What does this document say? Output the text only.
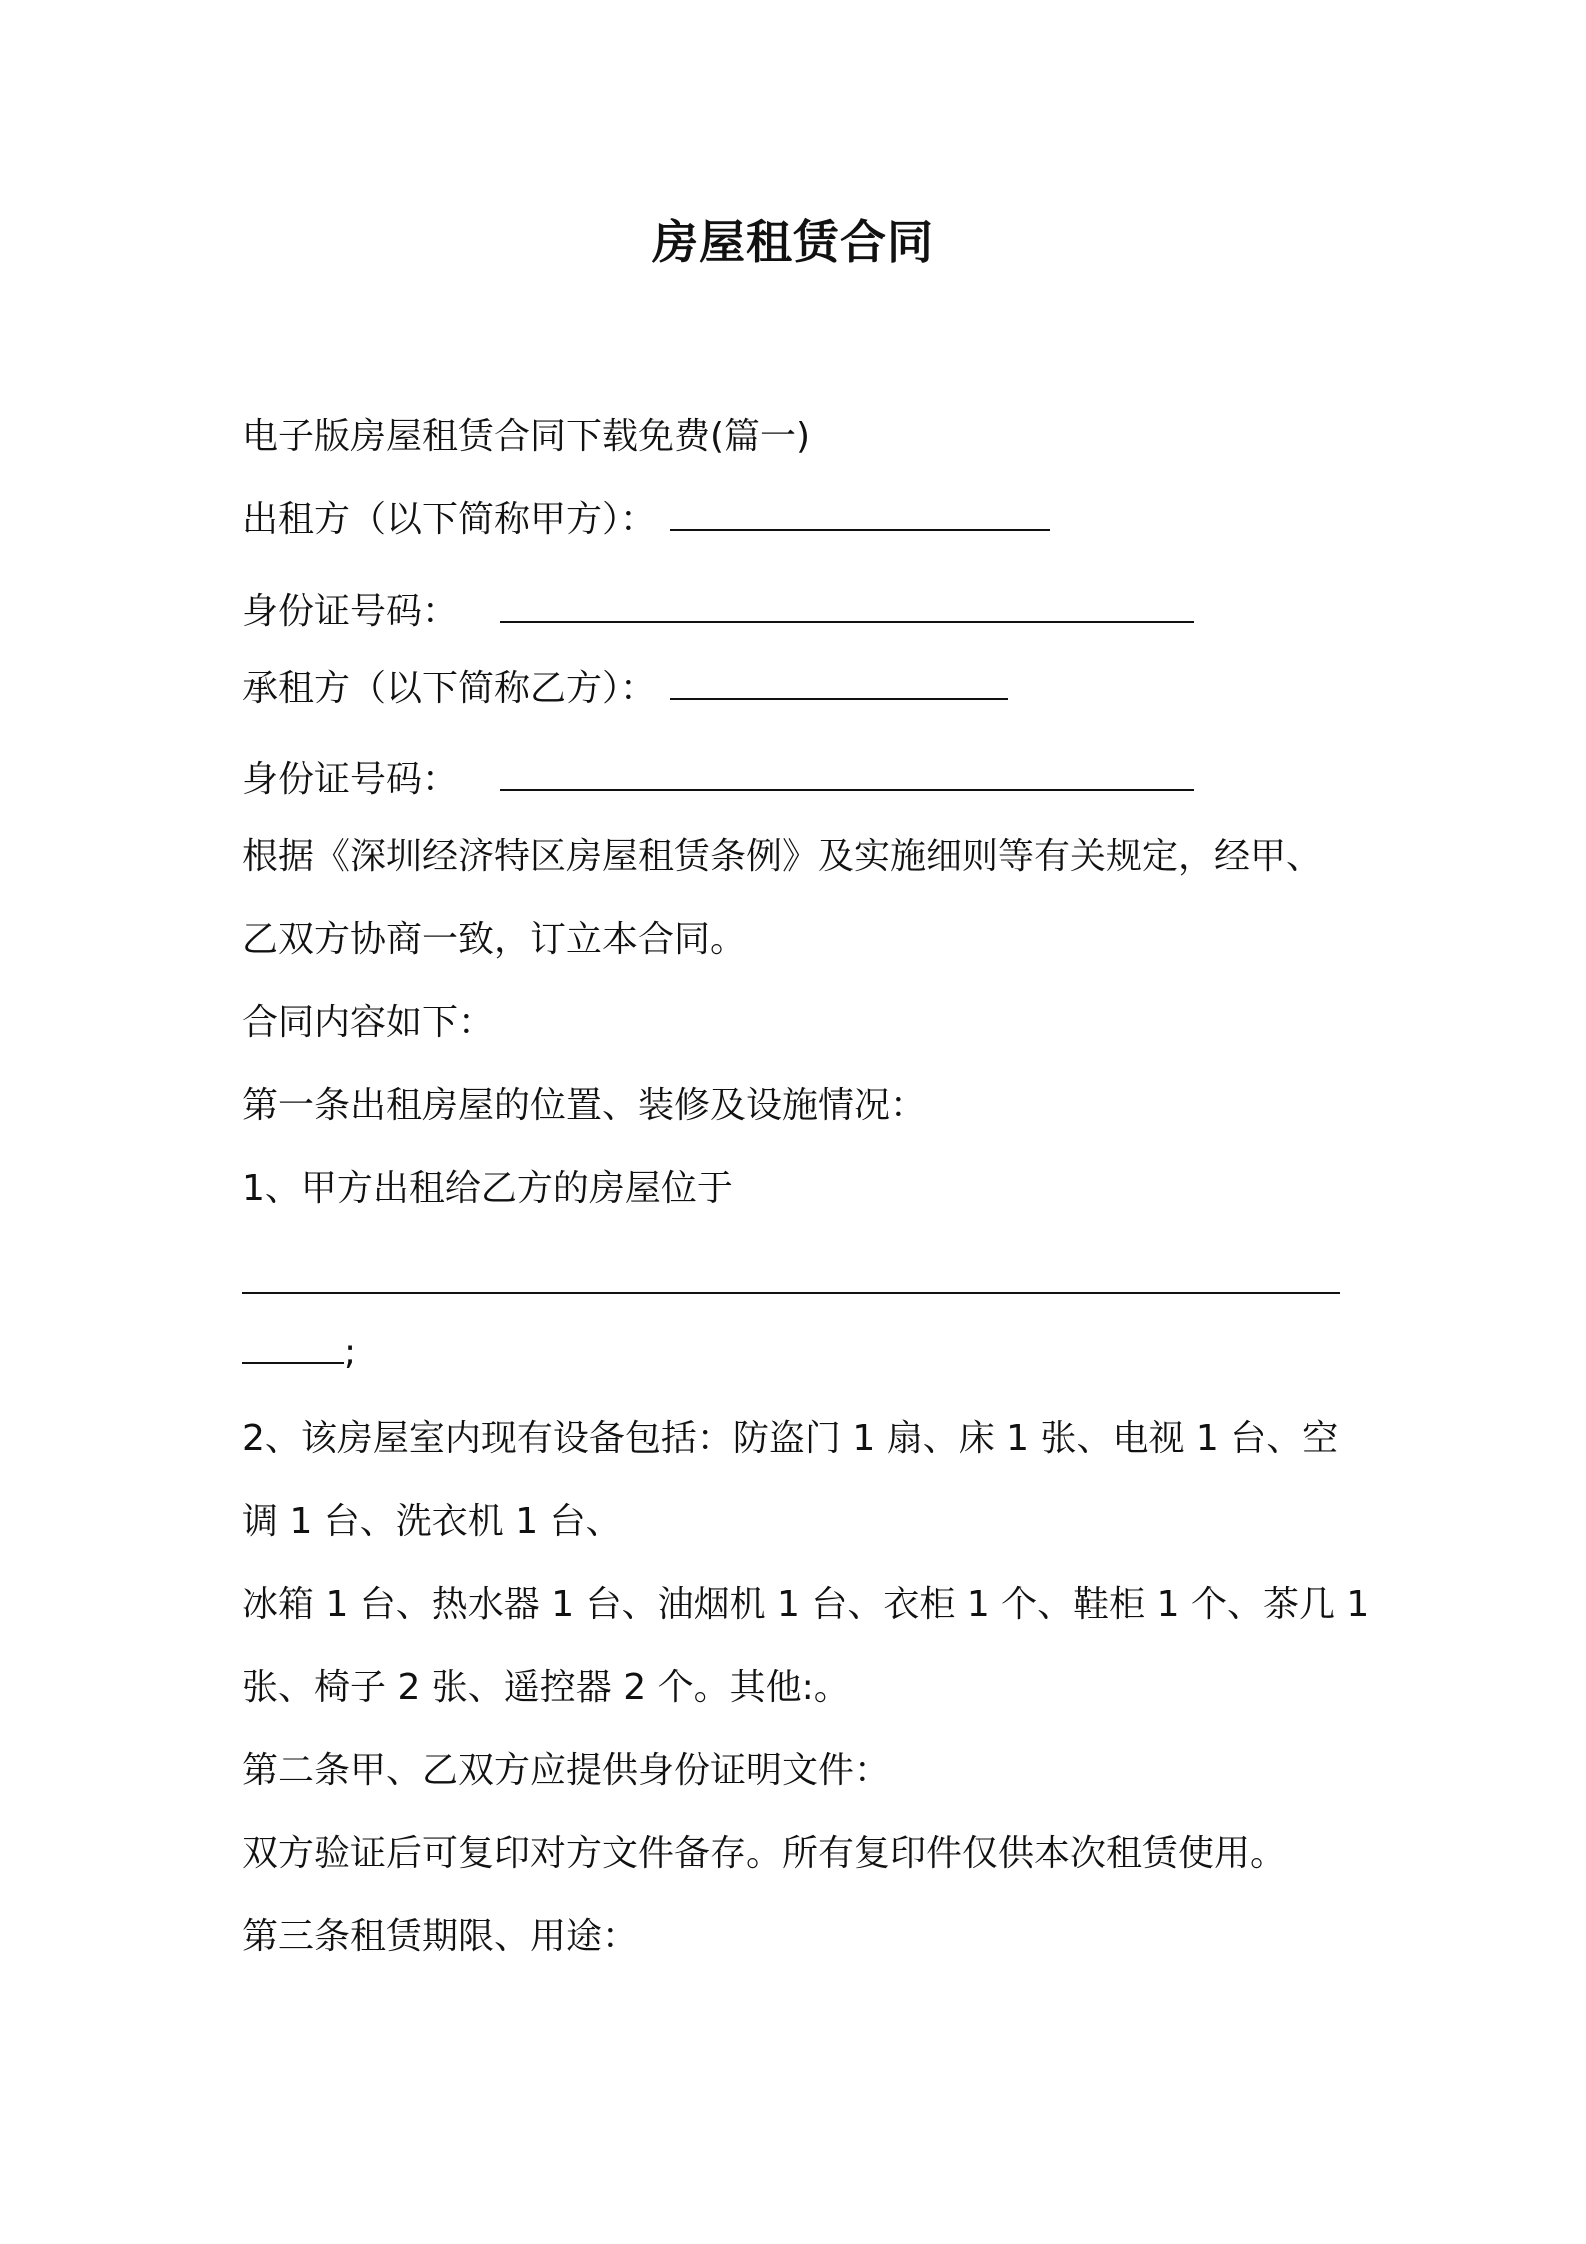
房屋租赁合同
电子版房屋租赁合同下载免费(篇一)
出租方（以下简称甲方）：
身份证号码：
承租方（以下简称乙方）：
身份证号码：
根据《深圳经济特区房屋租赁条例》及实施细则等有关规定，经甲、
乙双方协商一致，订立本合同。
合同内容如下：
第一条出租房屋的位置、装修及设施情况：
1、甲方出租给乙方的房屋位于
;
2、该房屋室内现有设备包括：防盗门 1 扇、床 1 张、电视 1 台、空
调 1 台、洗衣机 1 台、
冰箱 1 台、热水器 1 台、油烟机 1 台、衣柜 1 个、鞋柜 1 个、茶几 1
张、椅子 2 张、遥控器 2 个。其他:。
第二条甲、乙双方应提供身份证明文件：
双方验证后可复印对方文件备存。所有复印件仅供本次租赁使用。
第三条租赁期限、用途：
